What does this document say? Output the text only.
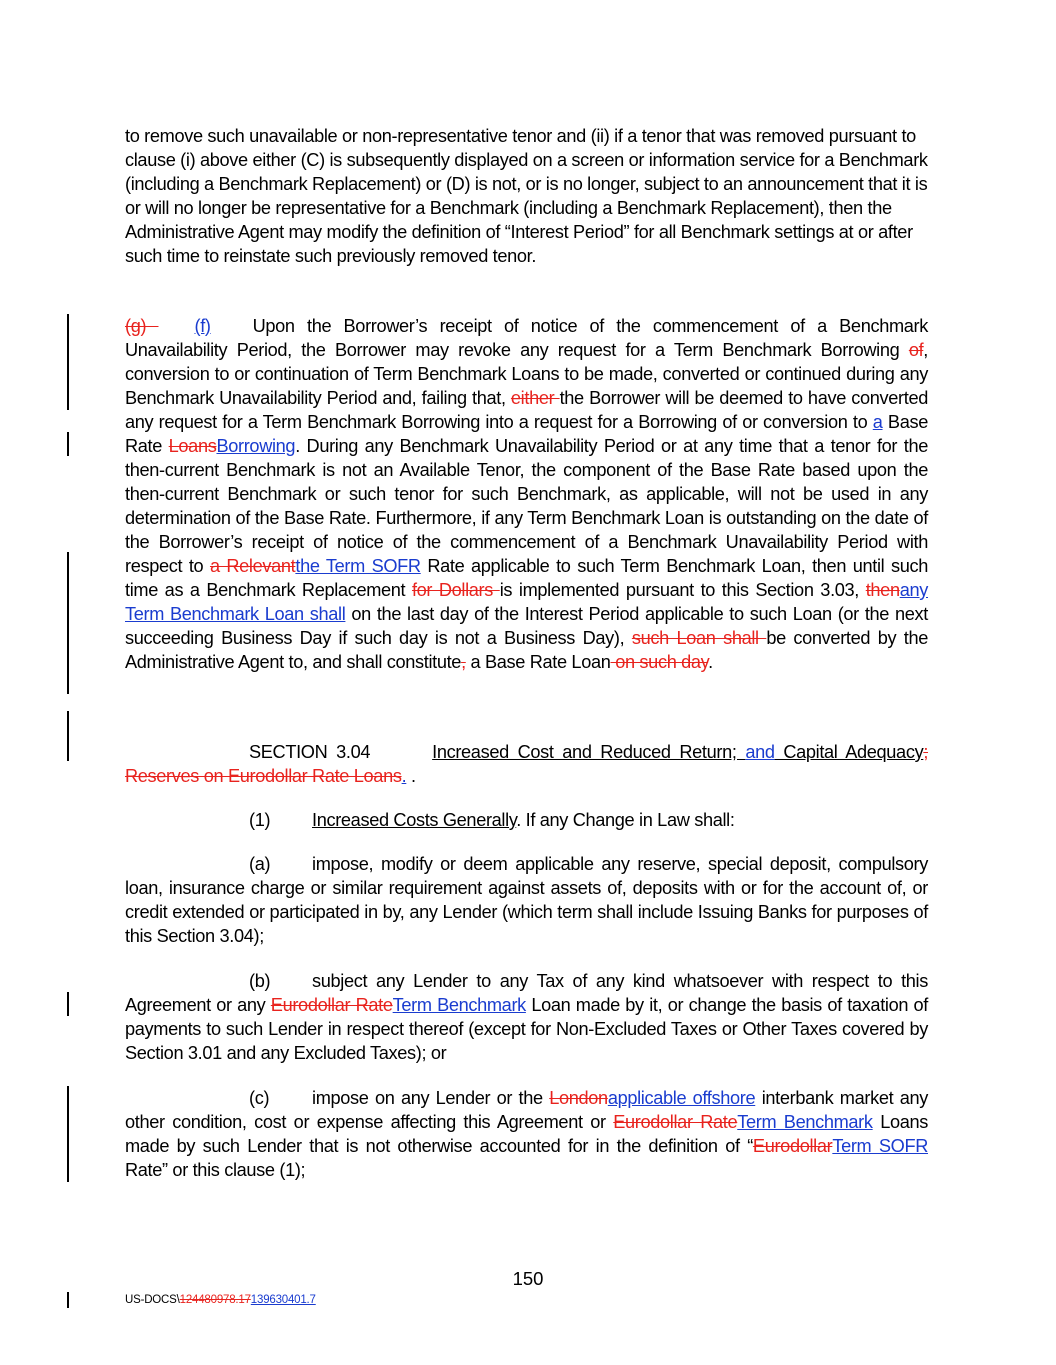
to remove such unavailable or non-representative tenor and (ii) if a tenor that was removed pursuant to clause (i) above either (C) is subsequently displayed on a screen or information service for a Benchmark (including a Benchmark Replacement) or (D) is not, or is no longer, subject to an announcement that it is or will no longer be representative for a Benchmark (including a Benchmark Replacement), then the Administrative Agent may modify the definition of “Interest Period” for all Benchmark settings at or after such time to reinstate such previously removed tenor.

(g) (f) Upon the Borrower’s receipt of notice of the commencement of a Benchmark Unavailability Period, the Borrower may revoke any request for a Term Benchmark Borrowing of, conversion to or continuation of Term Benchmark Loans to be made, converted or continued during any Benchmark Unavailability Period and, failing that, either the Borrower will be deemed to have converted any request for a Term Benchmark Borrowing into a request for a Borrowing of or conversion to a Base Rate LoansBorrowing. During any Benchmark Unavailability Period or at any time that a tenor for the then-current Benchmark is not an Available Tenor, the component of the Base Rate based upon the then-current Benchmark or such tenor for such Benchmark, as applicable, will not be used in any determination of the Base Rate. Furthermore, if any Term Benchmark Loan is outstanding on the date of the Borrower’s receipt of notice of the commencement of a Benchmark Unavailability Period with respect to a Relevantthe Term SOFR Rate applicable to such Term Benchmark Loan, then until such time as a Benchmark Replacement for Dollars is implemented pursuant to this Section 3.03, thenany Term Benchmark Loan shall on the last day of the Interest Period applicable to such Loan (or the next succeeding Business Day if such day is not a Business Day), such Loan shall be converted by the Administrative Agent to, and shall constitute, a Base Rate Loan on such day.

SECTION 3.04	Increased Cost and Reduced Return; and Capital Adequacy; Reserves on Eurodollar Rate Loans. .

(1) Increased Costs Generally. If any Change in Law shall:

(a) impose, modify or deem applicable any reserve, special deposit, compulsory loan, insurance charge or similar requirement against assets of, deposits with or for the account of, or credit extended or participated in by, any Lender (which term shall include Issuing Banks for purposes of this Section 3.04);

(b) subject any Lender to any Tax of any kind whatsoever with respect to this Agreement or any Eurodollar RateTerm Benchmark Loan made by it, or change the basis of taxation of payments to such Lender in respect thereof (except for Non-Excluded Taxes or Other Taxes covered by Section 3.01 and any Excluded Taxes); or

(c) impose on any Lender or the Londonapplicable offshore interbank market any other condition, cost or expense affecting this Agreement or Eurodollar RateTerm Benchmark Loans made by such Lender that is not otherwise accounted for in the definition of “EurodollarTerm SOFR Rate” or this clause (1);

150
US-DOCS\124480978.17139630401.7
